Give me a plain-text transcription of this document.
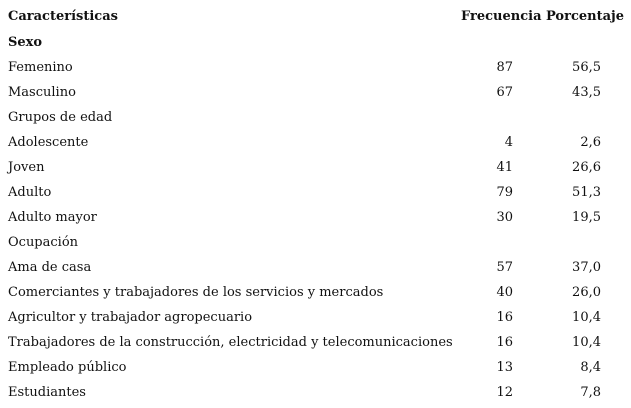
Características	Frecuencia Porcentaje
Sexo
Femenino	87	56,5
Masculino	67	43,5
Grupos de edad
Adolescente	4	2,6
Joven	41	26,6
Adulto	79	51,3
Adulto mayor	30	19,5
Ocupación
Ama de casa	57	37,0
Comerciantes y trabajadores de los servicios y mercados	40	26,0
Agricultor y trabajador agropecuario	16	10,4
Trabajadores de la construcción, electricidad y telecomunicaciones	16	10,4
Empleado público	13	8,4
Estudiantes	12	7,8
